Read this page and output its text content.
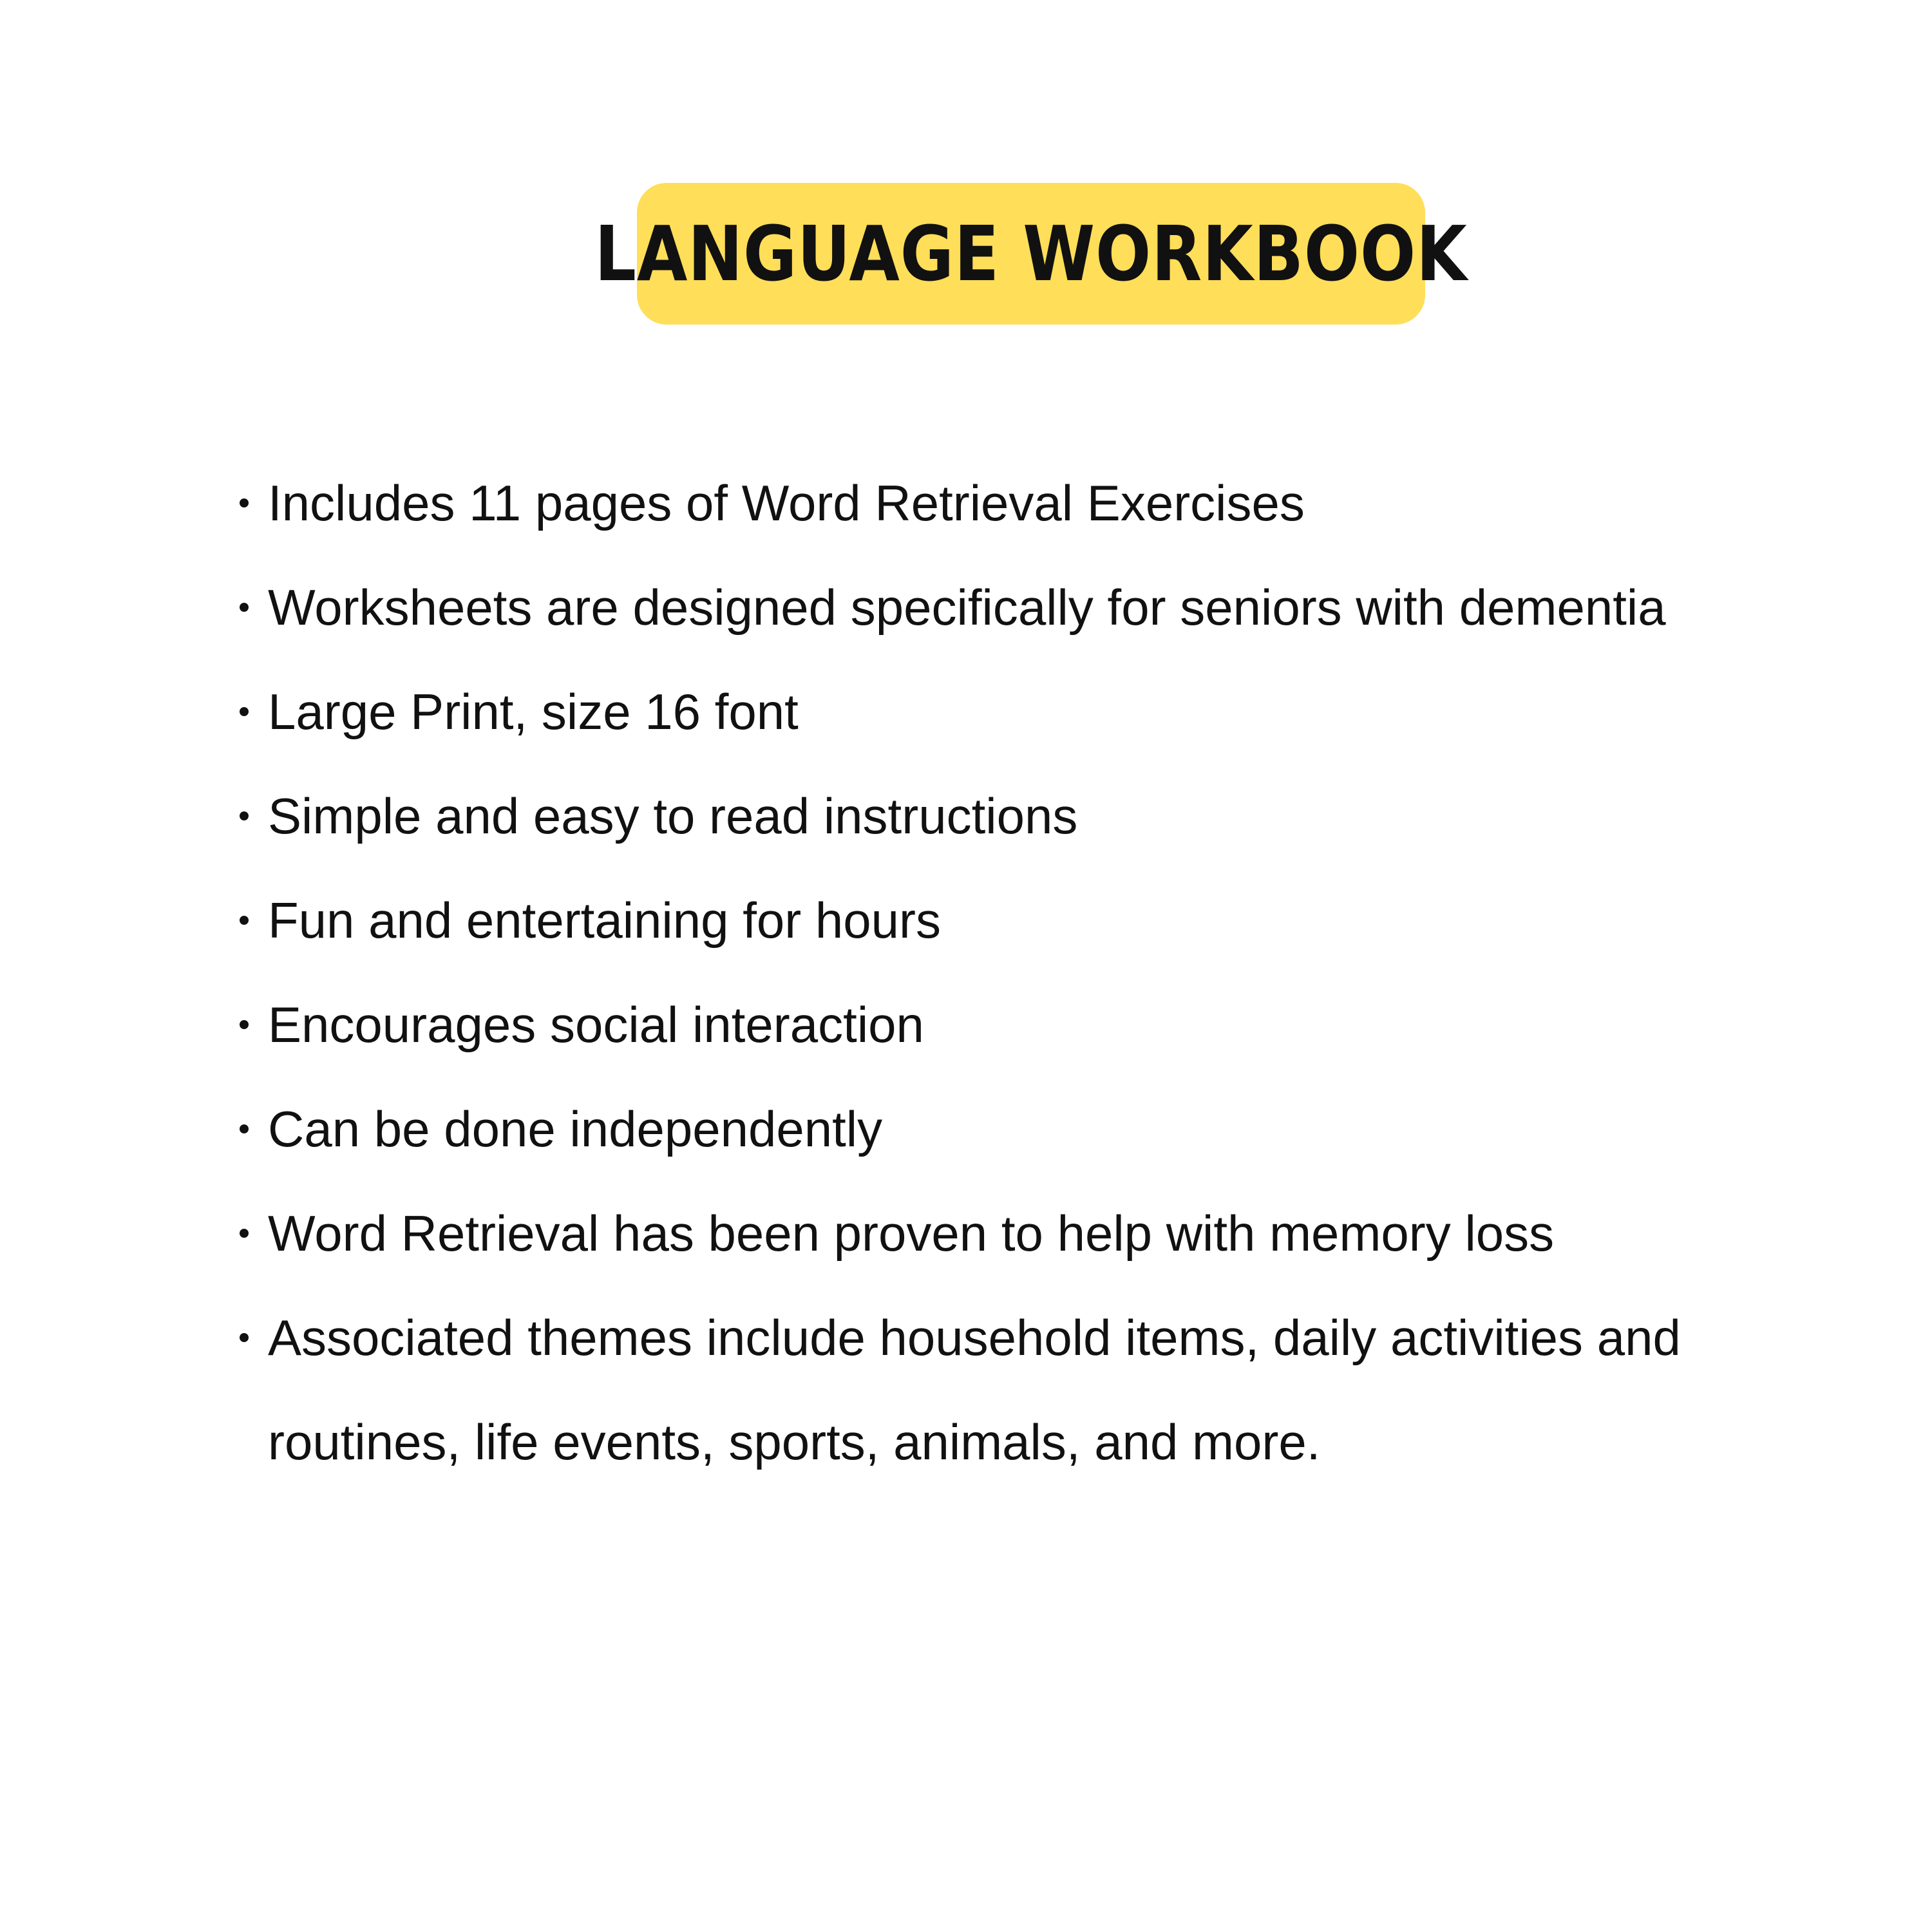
LANGUAGE WORKBOOK
Includes 11 pages of Word Retrieval Exercises
Worksheets are designed specifically for seniors with dementia
Large Print, size 16 font
Simple and easy to read instructions
Fun and entertaining for hours
Encourages social interaction
Can be done independently
Word Retrieval has been proven to help with memory loss
Associated themes include household items, daily activities and routines, life events, sports, animals, and more.
